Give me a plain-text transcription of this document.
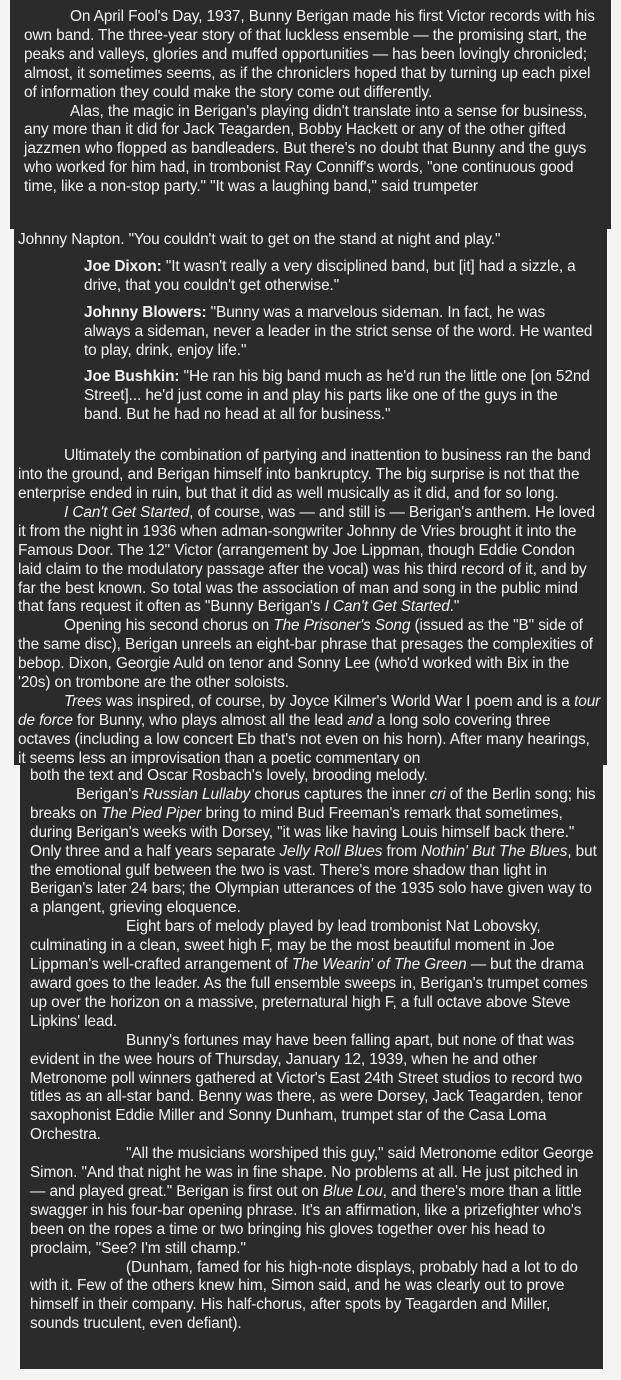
On April Fool's Day, 1937, Bunny Berigan made his first Victor records with his own band. The three-year story of that luckless ensemble — the promising start, the peaks and valleys, glories and muffed opportunities — has been lovingly chronicled; almost, it sometimes seems, as if the chroniclers hoped that by turning up each pixel of information they could make the story come out differently.

Alas, the magic in Berigan's playing didn't translate into a sense for business, any more than it did for Jack Teagarden, Bobby Hackett or any of the other gifted jazzmen who flopped as bandleaders. But there's no doubt that Bunny and the guys who worked for him had, in trombonist Ray Conniff's words, "one continuous good time, like a non-stop party." "It was a laughing band," said trumpeter

Johnny Napton. "You couldn't wait to get on the stand at night and play."

Joe Dixon: "It wasn't really a very disciplined band, but [it] had a sizzle, a drive, that you couldn't get otherwise."

Johnny Blowers: "Bunny was a marvelous sideman. In fact, he was always a sideman, never a leader in the strict sense of the word. He wanted to play, drink, enjoy life."

Joe Bushkin: "He ran his big band much as he'd run the little one [on 52nd Street]... he'd just come in and play his parts like one of the guys in the band. But he had no head at all for business."

Ultimately the combination of partying and inattention to business ran the band into the ground, and Berigan himself into bankruptcy. The big surprise is not that the enterprise ended in ruin, but that it did as well musically as it did, and for so long.

I Can't Get Started, of course, was — and still is — Berigan's anthem. He loved it from the night in 1936 when adman-songwriter Johnny de Vries brought it into the Famous Door. The 12" Victor (arrangement by Joe Lippman, though Eddie Condon laid claim to the modulatory passage after the vocal) was his third record of it, and by far the best known. So total was the association of man and song in the public mind that fans request it often as "Bunny Berigan's I Can't Get Started."

Opening his second chorus on The Prisoner's Song (issued as the "B" side of the same disc), Berigan unreels an eight-bar phrase that presages the complexities of bebop. Dixon, Georgie Auld on tenor and Sonny Lee (who'd worked with Bix in the '20s) on trombone are the other soloists.

Trees was inspired, of course, by Joyce Kilmer's World War I poem and is a tour de force for Bunny, who plays almost all the lead and a long solo covering three octaves (including a low concert Eb that's not even on his horn). After many hearings, it seems less an improvisation than a poetic commentary on

both the text and Oscar Rosbach's lovely, brooding melody.

Berigan's Russian Lullaby chorus captures the inner cri of the Berlin song; his breaks on The Pied Piper bring to mind Bud Freeman's remark that sometimes, during Berigan's weeks with Dorsey, "it was like having Louis himself back there." Only three and a half years separate Jelly Roll Blues from Nothin' But The Blues, but the emotional gulf between the two is vast. There's more shadow than light in Berigan's later 24 bars; the Olympian utterances of the 1935 solo have given way to a plangent, grieving eloquence.

Eight bars of melody played by lead trombonist Nat Lobovsky, culminating in a clean, sweet high F, may be the most beautiful moment in Joe Lippman's well-crafted arrangement of The Wearin' of The Green — but the drama award goes to the leader. As the full ensemble sweeps in, Berigan's trumpet comes up over the horizon on a massive, preternatural high F, a full octave above Steve Lipkins' lead.

Bunny's fortunes may have been falling apart, but none of that was evident in the wee hours of Thursday, January 12, 1939, when he and other Metronome poll winners gathered at Victor's East 24th Street studios to record two titles as an all-star band. Benny was there, as were Dorsey, Jack Teagarden, tenor saxophonist Eddie Miller and Sonny Dunham, trumpet star of the Casa Loma Orchestra.

"All the musicians worshiped this guy," said Metronome editor George Simon. "And that night he was in fine shape. No problems at all. He just pitched in — and played great." Berigan is first out on Blue Lou, and there's more than a little swagger in his four-bar opening phrase. It's an affirmation, like a prizefighter who's been on the ropes a time or two bringing his gloves together over his head to proclaim, "See? I'm still champ."

(Dunham, famed for his high-note displays, probably had a lot to do with it. Few of the others knew him, Simon said, and he was clearly out to prove himself in their company. His half-chorus, after spots by Teagarden and Miller, sounds truculent, even defiant).
